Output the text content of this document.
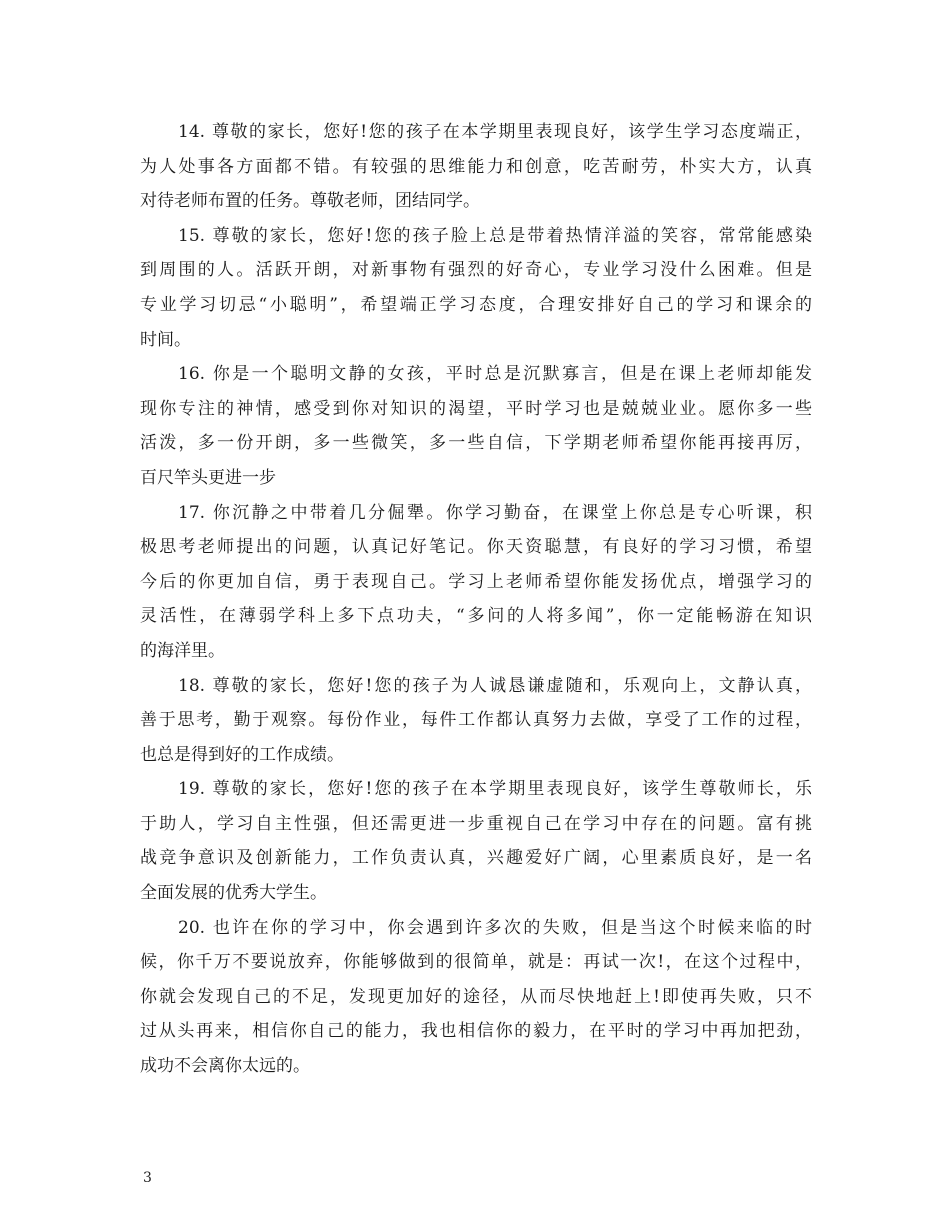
14. 尊敬的家长，您好!您的孩子在本学期里表现良好，该学生学习态度端正，
为人处事各方面都不错。有较强的思维能力和创意，吃苦耐劳，朴实大方，认真
对待老师布置的任务。尊敬老师，团结同学。

15. 尊敬的家长，您好!您的孩子脸上总是带着热情洋溢的笑容，常常能感染
到周围的人。活跃开朗，对新事物有强烈的好奇心，专业学习没什么困难。但是
专业学习切忌“小聪明”，希望端正学习态度，合理安排好自己的学习和课余的
时间。

16. 你是一个聪明文静的女孩，平时总是沉默寡言，但是在课上老师却能发
现你专注的神情，感受到你对知识的渴望，平时学习也是兢兢业业。愿你多一些
活泼，多一份开朗，多一些微笑，多一些自信，下学期老师希望你能再接再厉，
百尺竿头更进一步

17. 你沉静之中带着几分倔犟。你学习勤奋，在课堂上你总是专心听课，积
极思考老师提出的问题，认真记好笔记。你天资聪慧，有良好的学习习惯，希望
今后的你更加自信，勇于表现自己。学习上老师希望你能发扬优点，增强学习的
灵活性，在薄弱学科上多下点功夫，“多问的人将多闻”，你一定能畅游在知识
的海洋里。

18. 尊敬的家长，您好!您的孩子为人诚恳谦虚随和，乐观向上，文静认真，
善于思考，勤于观察。每份作业，每件工作都认真努力去做，享受了工作的过程，
也总是得到好的工作成绩。

19. 尊敬的家长，您好!您的孩子在本学期里表现良好，该学生尊敬师长，乐
于助人，学习自主性强，但还需更进一步重视自己在学习中存在的问题。富有挑
战竞争意识及创新能力，工作负责认真，兴趣爱好广阔，心里素质良好，是一名
全面发展的优秀大学生。

20. 也许在你的学习中，你会遇到许多次的失败，但是当这个时候来临的时
候，你千万不要说放弃，你能够做到的很简单，就是：再试一次!，在这个过程中，
你就会发现自己的不足，发现更加好的途径，从而尽快地赶上!即使再失败，只不
过从头再来，相信你自己的能力，我也相信你的毅力，在平时的学习中再加把劲，
成功不会离你太远的。

3
